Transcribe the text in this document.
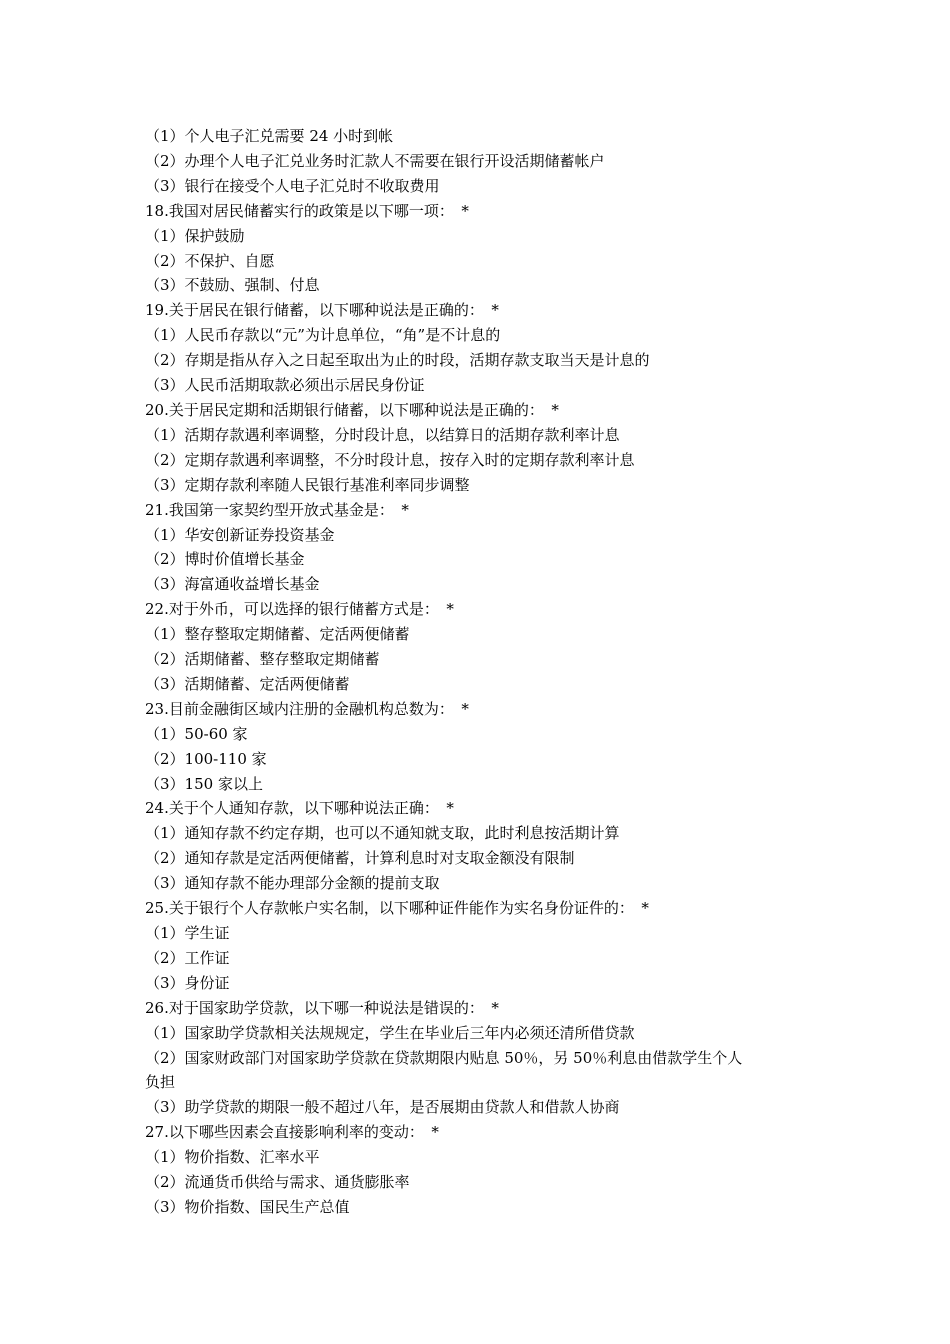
（1）个人电子汇兑需要 24 小时到帐
（2）办理个人电子汇兑业务时汇款人不需要在银行开设活期储蓄帐户
（3）银行在接受个人电子汇兑时不收取费用
18.我国对居民储蓄实行的政策是以下哪一项：　*
（1）保护鼓励
（2）不保护、自愿
（3）不鼓励、强制、付息
19.关于居民在银行储蓄，以下哪种说法是正确的：　*
（1）人民币存款以“元”为计息单位，“角”是不计息的
（2）存期是指从存入之日起至取出为止的时段，活期存款支取当天是计息的
（3）人民币活期取款必须出示居民身份证
20.关于居民定期和活期银行储蓄，以下哪种说法是正确的：　*
（1）活期存款遇利率调整，分时段计息，以结算日的活期存款利率计息
（2）定期存款遇利率调整，不分时段计息，按存入时的定期存款利率计息
（3）定期存款利率随人民银行基准利率同步调整
21.我国第一家契约型开放式基金是：　*
（1）华安创新证券投资基金
（2）博时价值增长基金
（3）海富通收益增长基金
22.对于外币，可以选择的银行储蓄方式是：　*
（1）整存整取定期储蓄、定活两便储蓄
（2）活期储蓄、整存整取定期储蓄
（3）活期储蓄、定活两便储蓄
23.目前金融街区域内注册的金融机构总数为：　*
（1）50-60 家
（2）100-110 家
（3）150 家以上
24.关于个人通知存款，以下哪种说法正确：　*
（1）通知存款不约定存期，也可以不通知就支取，此时利息按活期计算
（2）通知存款是定活两便储蓄，计算利息时对支取金额没有限制
（3）通知存款不能办理部分金额的提前支取
25.关于银行个人存款帐户实名制，以下哪种证件能作为实名身份证件的：　*
（1）学生证
（2）工作证
（3）身份证
26.对于国家助学贷款，以下哪一种说法是错误的：　*
（1）国家助学贷款相关法规规定，学生在毕业后三年内必须还清所借贷款
（2）国家财政部门对国家助学贷款在贷款期限内贴息 50％，另 50％利息由借款学生个人
负担
（3）助学贷款的期限一般不超过八年，是否展期由贷款人和借款人协商
27.以下哪些因素会直接影响利率的变动：　*
（1）物价指数、汇率水平
（2）流通货币供给与需求、通货膨胀率
（3）物价指数、国民生产总值
